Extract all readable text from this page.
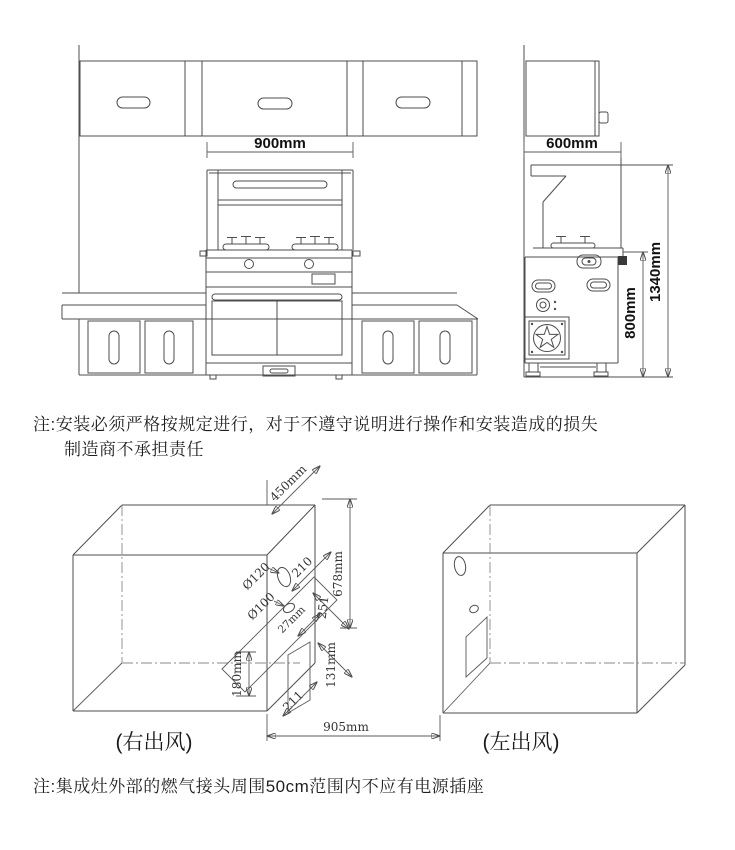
900mm	600mm
800mm
1340mm
450mm
Ø120 210 678mm
Ø100
27mm 251
180mm	131mm
211
905mm
(右出风)	(左出风)
注:安装必须严格按规定进行，对于不遵守说明进行操作和安装造成的损失
制造商不承担责任
注:集成灶外部的燃气接头周围50cm范围内不应有电源插座
